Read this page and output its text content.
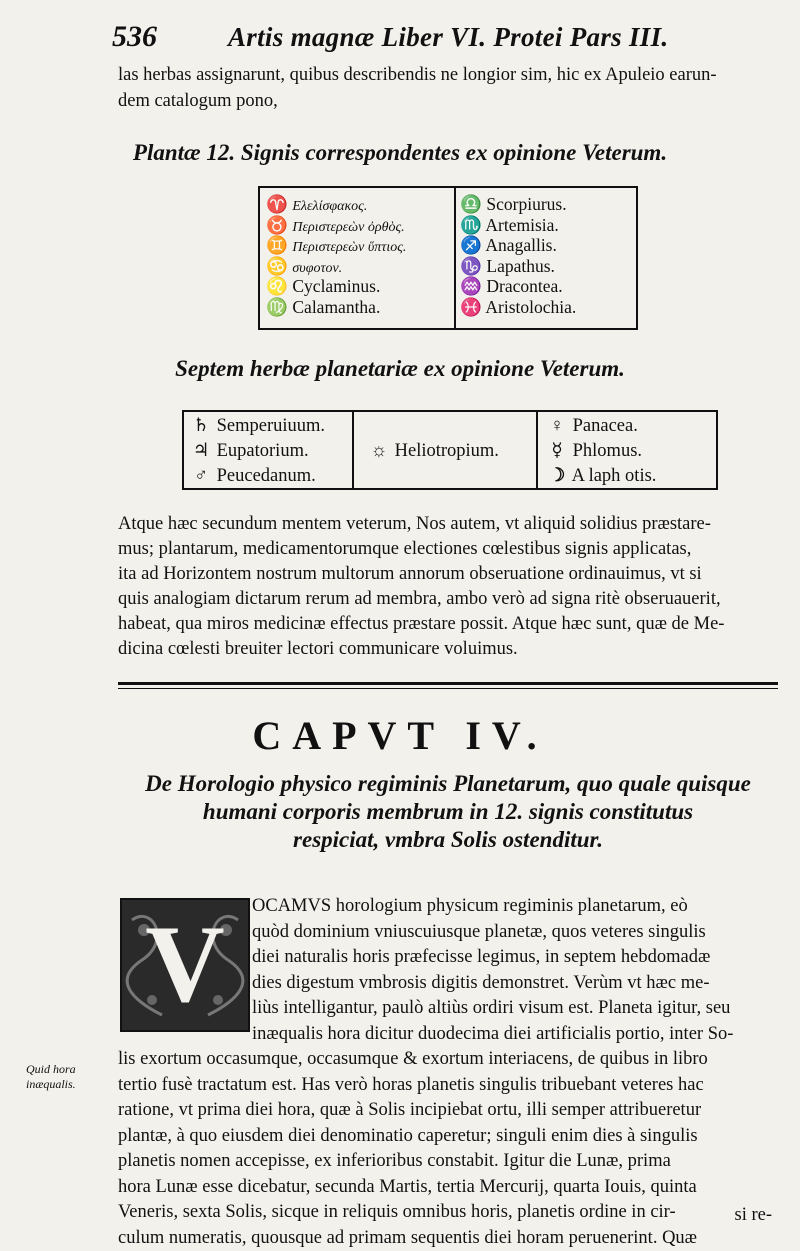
536	Artis magnæ Liber VI. Protei Pars III.
las herbas assignarunt, quibus describendis ne longior sim, hic ex Apuleio earun-
dem catalogum pono,
Plantæ 12. Signis correspondentes ex opinione Veterum.
♈ Ελελίσφακος.
♉ Περιστερεὼν ὀρθὸς.
♊ Περιστερεὼν ὕπτιος.
♋ συφοτον.
♌ Cyclaminus.
♍ Calamantha.
♎ Scorpiurus.
♏ Artemisia.
♐ Anagallis.
♑ Lapathus.
♒ Dracontea.
♓ Aristolochia.
Septem herbæ planetariæ ex opinione Veterum.
♄ Semperuiuum.
♃ Eupatorium.
♂ Peucedanum.
☼ Heliotropium.
♀ Panacea.
☿ Phlomus.
☽ A laph otis.
Atque hæc secundum mentem veterum, Nos autem, vt aliquid solidius præstare-
mus; plantarum, medicamentorumque electiones cœlestibus signis applicatas,
ita ad Horizontem nostrum multorum annorum obseruatione ordinauimus, vt si
quis analogiam dictarum rerum ad membra, ambo verò ad signa ritè obseruauerit,
habeat, qua miros medicinæ effectus præstare possit. Atque hæc sunt, quæ de Me-
dicina cœlesti breuiter lectori communicare voluimus.
CAPVT IV.
De Horologio physico regiminis Planetarum, quo quale quisque
humani corporis membrum in 12. signis constitutus
respiciat, vmbra Solis ostenditur.
V	OCAMVS horologium physicum regiminis planetarum, eò
quòd dominium vniuscuiusque planetæ, quos veteres singulis
diei naturalis horis præfecisse legimus, in septem hebdomadæ
dies digestum vmbrosis digitis demonstret. Verùm vt hæc me-
liùs intelligantur, paulò altiùs ordiri visum est. Planeta igitur, seu
inæqualis hora dicitur duodecima diei artificialis portio, inter So-
lis exortum occasumque, occasumque & exortum interiacens, de quibus in libro
tertio fusè tractatum est. Has verò horas planetis singulis tribuebant veteres hac
ratione, vt prima diei hora, quæ à Solis incipiebat ortu, illi semper attribueretur
plantæ, à quo eiusdem diei denominatio caperetur; singuli enim dies à singulis
planetis nomen accepisse, ex inferioribus constabit. Igitur die Lunæ, prima
hora Lunæ esse dicebatur, secunda Martis, tertia Mercurij, quarta Iouis, quinta
Veneris, sexta Solis, sicque in reliquis omnibus horis, planetis ordine in cir-
culum numeratis, quousque ad primam sequentis diei horam peruenerint. Quæ
Quid hora inæqualis.
si re-
